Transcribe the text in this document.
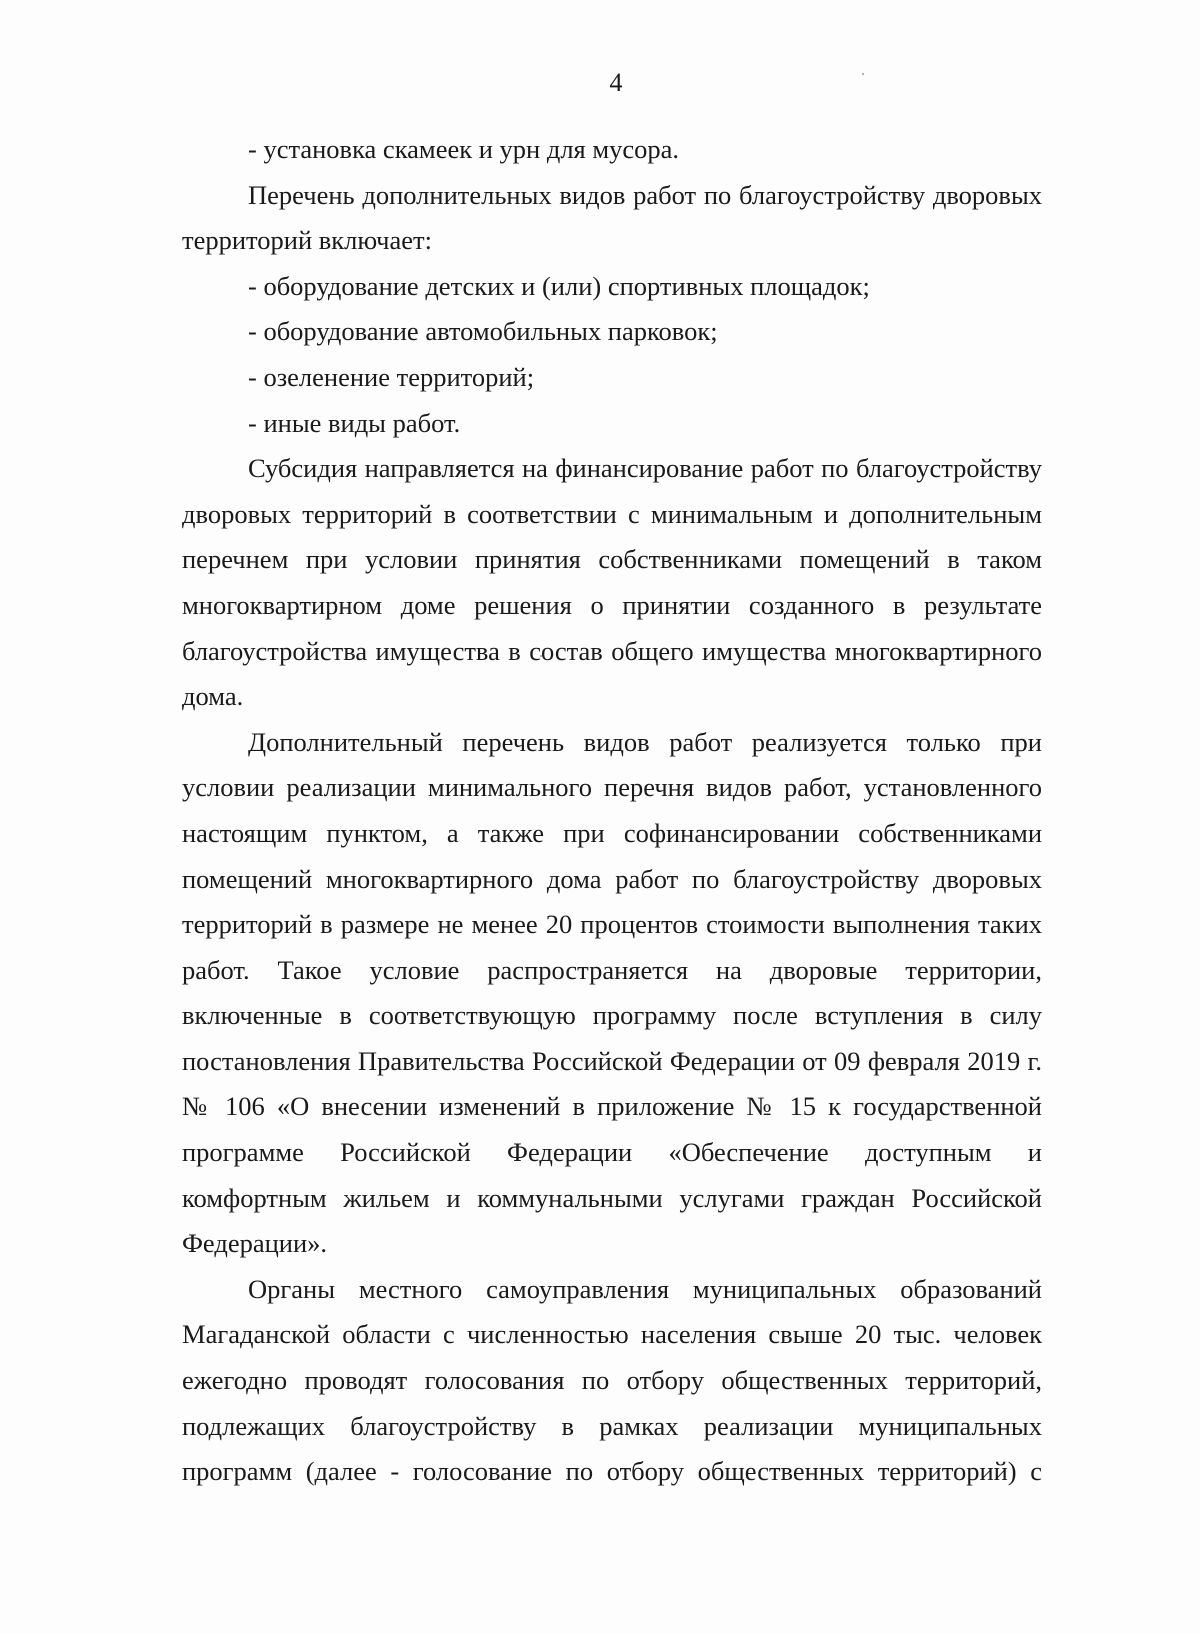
4

- установка скамеек и урн для мусора.

Перечень дополнительных видов работ по благоустройству дворовых территорий включает:

- оборудование детских и (или) спортивных площадок;

- оборудование автомобильных парковок;

- озеленение территорий;

- иные виды работ.

Субсидия направляется на финансирование работ по благоустройству дворовых территорий в соответствии с минимальным и дополнительным перечнем при условии принятия собственниками помещений в таком многоквартирном доме решения о принятии созданного в результате благоустройства имущества в состав общего имущества многоквартирного дома.

Дополнительный перечень видов работ реализуется только при условии реализации минимального перечня видов работ, установленного настоящим пунктом, а также при софинансировании собственниками помещений многоквартирного дома работ по благоустройству дворовых территорий в размере не менее 20 процентов стоимости выполнения таких работ. Такое условие распространяется на дворовые территории, включенные в соответствующую программу после вступления в силу постановления Правительства Российской Федерации от 09 февраля 2019 г. № 106 «О внесении изменений в приложение № 15 к государственной программе Российской Федерации «Обеспечение доступным и комфортным жильем и коммунальными услугами граждан Российской Федерации».

Органы местного самоуправления муниципальных образований Магаданской области с численностью населения свыше 20 тыс. человек ежегодно проводят голосования по отбору общественных территорий, подлежащих благоустройству в рамках реализации муниципальных программ (далее - голосование по отбору общественных территорий) с
